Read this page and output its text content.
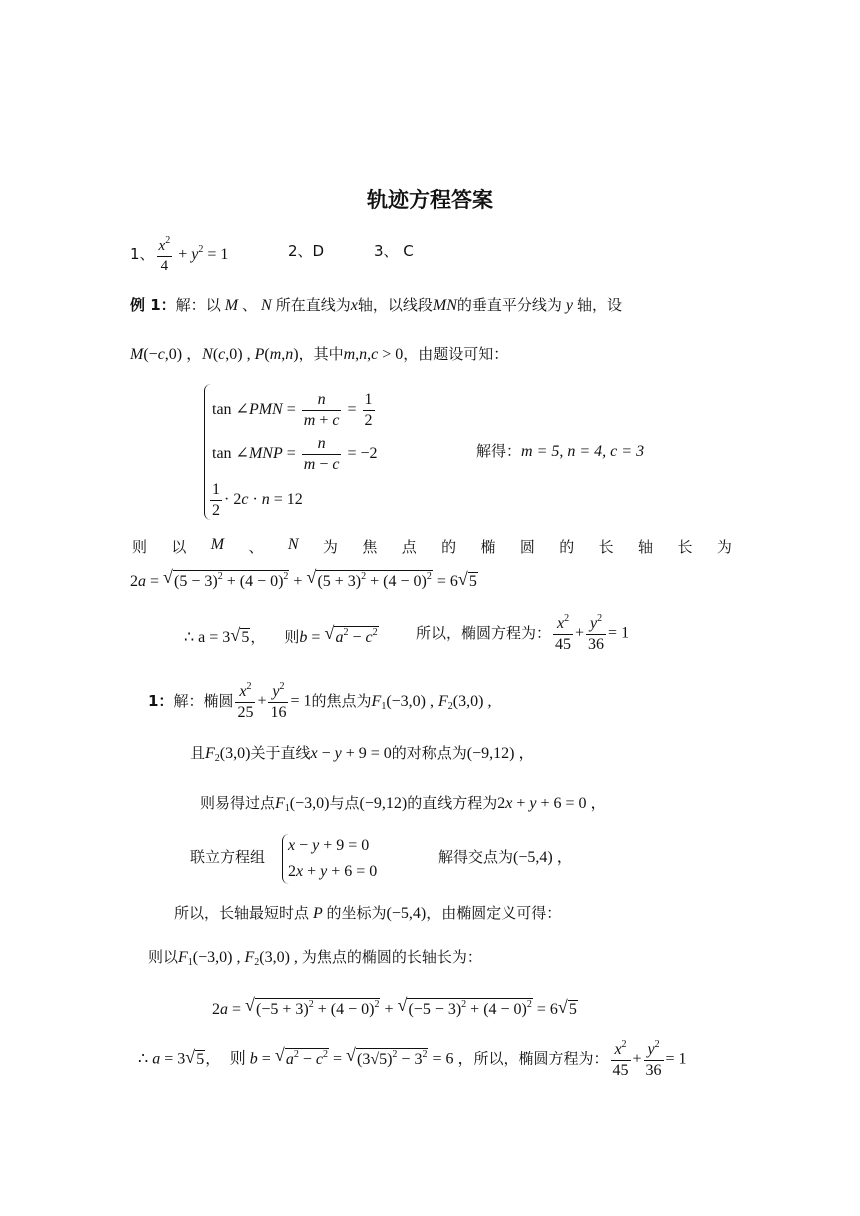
轨迹方程答案
1、 $\frac{x^2}{4} + y^2 = 1$	2、D	3、 C
例 1：解：以 M 、 N 所在直线为x轴，以线段MN的垂直平分线为 y 轴，设
M(−c,0) ，N(c,0) , P(m,n)，其中m,n,c > 0，由题设可知：
tan ∠PMN = $\frac{n}{m + c} = \frac{1}{2}$
tan ∠MNP = $\frac{n}{m - c} = -2$
$\frac{1}{2} \cdot 2c \cdot n = 12$
解得：m = 5, n = 4, c = 3
则 以 M 、 N 为 焦 点 的 椭 圆 的 长 轴 长 为
2a = √ $(5 - 3)^2 + (4 - 0)^2$ + √ $(5 + 3)^2 + (4 - 0)^2 = 6$ √ 5
∴ a = 3 √ 5，    则b = √ $a^2 - c^2$	所以，椭圆方程为： $\frac{x^2}{45} + \frac{y^2}{36} = 1$
1：解：椭圆 $\frac{x^2}{25} + \frac{y^2}{16} = 1$的焦点为$F_1(-3,0)$ , $F_2(3,0)$ ,
且$F_2(3,0)$关于直线x − y + 9 = 0的对称点为(−9,12) ，
则易得过点$F_1(-3,0)$与点(−9,12)的直线方程为2x + y + 6 = 0 ，
联立方程组
x − y + 9 = 0
2x + y + 6 = 0
解得交点为(−5,4) ，
所以，长轴最短时点 P 的坐标为(−5,4)，由椭圆定义可得：
则以$F_1(-3,0)$ , $F_2(3,0)$ , 为焦点的椭圆的长轴长为：
2a = √ $(-5 + 3)^2 + (4 - 0)^2$ + √ $(-5 - 3)^2 + (4 - 0)^2 = 6$ √ 5
∴ a = 3 √ 5，  则 b = √ $a^2 - c^2$ = √ $(3√5)^2 - 3^2 = 6$ ，所以，椭圆方程为： $\frac{x^2}{45} + \frac{y^2}{36} = 1$
